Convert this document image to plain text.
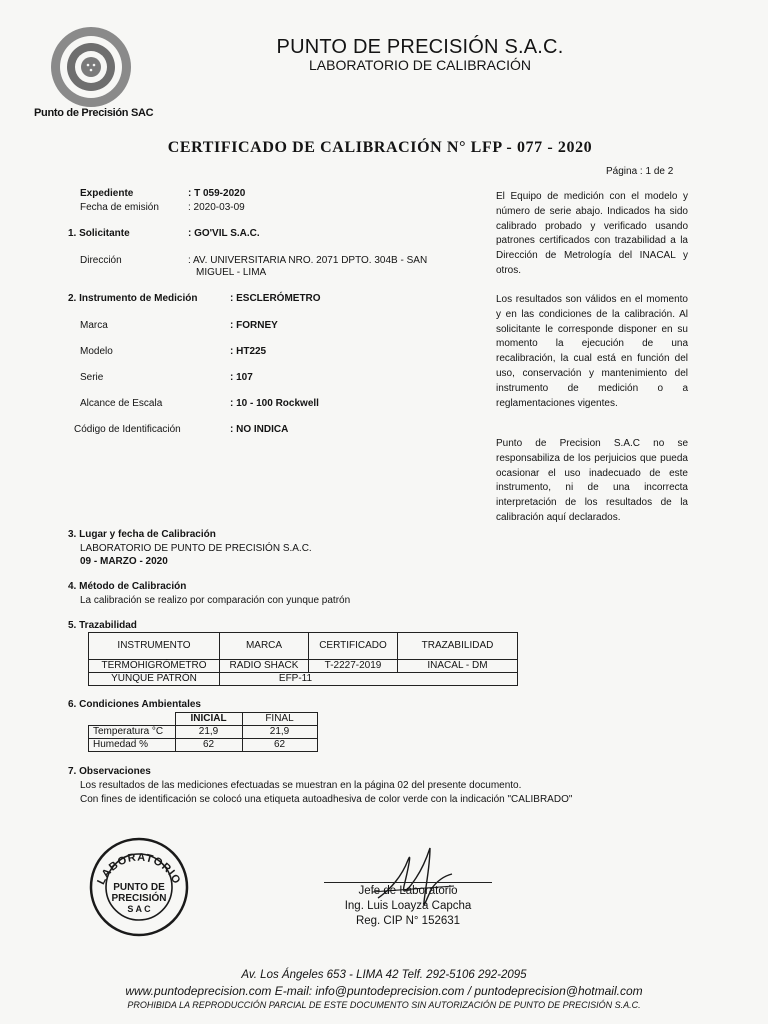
Punto de Precisión SAC
PUNTO DE PRECISIÓN S.A.C.
LABORATORIO DE CALIBRACIÓN
CERTIFICADO DE CALIBRACIÓN N° LFP - 077 - 2020
Página : 1 de 2
Expediente	: T 059-2020
Fecha de emisión	: 2020-03-09
1. Solicitante	: GO'VIL S.A.C.
Dirección	: AV. UNIVERSITARIA NRO. 2071 DPTO. 304B - SAN
MIGUEL - LIMA
2. Instrumento de Medición	: ESCLERÓMETRO
Marca	: FORNEY
Modelo	: HT225
Serie	: 107
Alcance de Escala	: 10 - 100 Rockwell
Código de Identificación	: NO INDICA
El Equipo de medición con el modelo y número de serie abajo. Indicados ha sido calibrado probado y verificado usando patrones certificados con trazabilidad a la Dirección de Metrología del INACAL y otros.
Los resultados son válidos en el momento y en las condiciones de la calibración. Al solicitante le corresponde disponer en su momento la ejecución de una recalibración, la cual está en función del uso, conservación y mantenimiento del instrumento de medición o a reglamentaciones vigentes.
Punto de Precision S.A.C no se responsabiliza de los perjuicios que pueda ocasionar el uso inadecuado de este instrumento, ni de una incorrecta interpretación de los resultados de la calibración aquí declarados.
3. Lugar y fecha de Calibración
LABORATORIO DE PUNTO DE PRECISIÓN S.A.C.
09 - MARZO - 2020
4. Método de Calibración
La calibración se realizo por comparación con yunque patrón
5. Trazabilidad
INSTRUMENTO	MARCA	CERTIFICADO	TRAZABILIDAD
TERMOHIGRÓMETRO	RADIO SHACK	T-2227-2019	INACAL - DM
YUNQUE PATRÓN	EFP-11		
6. Condiciones Ambientales
	INICIAL	FINAL
Temperatura °C	21,9	21,9
Humedad %	62	62
7. Observaciones
Los resultados de las mediciones efectuadas se muestran en la página 02 del presente documento.
Con fines de identificación se colocó una etiqueta autoadhesiva de color verde con la indicación "CALIBRADO"
LABORATORIO
PUNTO DE
PRECISIÓN
S A C
Jefe de Laboratorio
Ing. Luis Loayza Capcha
Reg. CIP N° 152631
Av. Los Ángeles 653 - LIMA 42 Telf. 292-5106 292-2095
www.puntodeprecision.com E-mail: info@puntodeprecision.com / puntodeprecision@hotmail.com
PROHIBIDA LA REPRODUCCIÓN PARCIAL DE ESTE DOCUMENTO SIN AUTORIZACIÓN DE PUNTO DE PRECISIÓN S.A.C.
